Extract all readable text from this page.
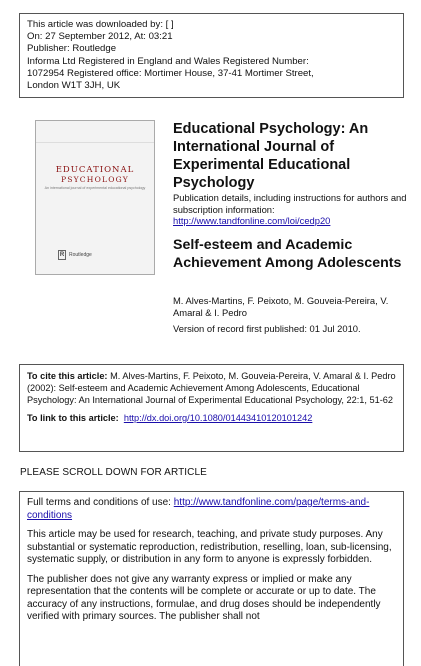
This article was downloaded by: [ ]
On: 27 September 2012, At: 03:21
Publisher: Routledge
Informa Ltd Registered in England and Wales Registered Number:
1072954 Registered office: Mortimer House, 37-41 Mortimer Street,
London W1T 3JH, UK
EDUCATIONAL
PSYCHOLOGY
An international journal of experimental educational psychology
R Routledge
Educational Psychology: An International Journal of Experimental Educational Psychology
Publication details, including instructions for authors and subscription information:
http://www.tandfonline.com/loi/cedp20
Self-esteem and Academic Achievement Among Adolescents
M. Alves-Martins, F. Peixoto, M. Gouveia-Pereira, V. Amaral & I. Pedro
Version of record first published: 01 Jul 2010.

To cite this article: M. Alves-Martins, F. Peixoto, M. Gouveia-Pereira, V. Amaral & I. Pedro (2002): Self-esteem and Academic Achievement Among Adolescents, Educational Psychology: An International Journal of Experimental Educational Psychology, 22:1, 51-62

To link to this article: http://dx.doi.org/10.1080/01443410120101242

PLEASE SCROLL DOWN FOR ARTICLE

Full terms and conditions of use: http://www.tandfonline.com/page/terms-and-conditions

This article may be used for research, teaching, and private study purposes. Any substantial or systematic reproduction, redistribution, reselling, loan, sub-licensing, systematic supply, or distribution in any form to anyone is expressly forbidden.

The publisher does not give any warranty express or implied or make any representation that the contents will be complete or accurate or up to date. The accuracy of any instructions, formulae, and drug doses should be independently verified with primary sources. The publisher shall not
